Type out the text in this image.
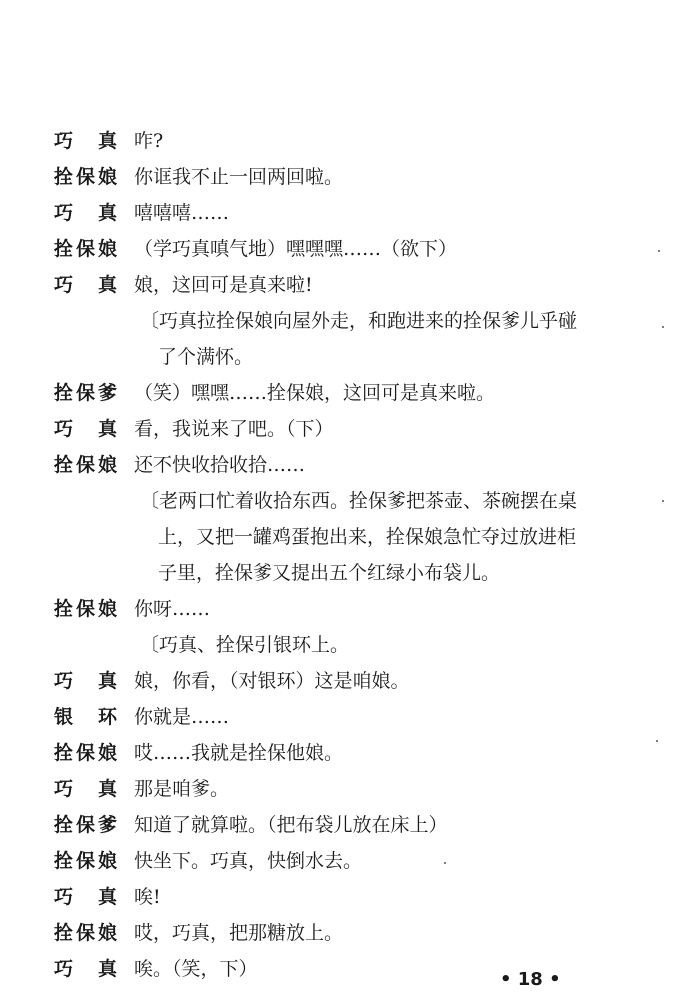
巧　真 咋?
拴保娘 你诓我不止一回两回啦。
巧　真 嘻嘻嘻……
拴保娘 （学巧真嗔气地）嘿嘿嘿……（欲下）
巧　真 娘，这回可是真来啦!
〔巧真拉拴保娘向屋外走，和跑进来的拴保爹儿乎碰
了个满怀。
拴保爹 （笑）嘿嘿……拴保娘，这回可是真来啦。
巧　真 看，我说来了吧。（下）
拴保娘 还不快收拾收拾……
〔老两口忙着收拾东西。拴保爹把茶壶、茶碗摆在桌
上，又把一罐鸡蛋抱出来，拴保娘急忙夺过放进柜
子里，拴保爹又提出五个红绿小布袋儿。
拴保娘 你呀……
〔巧真、拴保引银环上。
巧　真 娘，你看，（对银环）这是咱娘。
银　环 你就是……
拴保娘 哎……我就是拴保他娘。
巧　真 那是咱爹。
拴保爹 知道了就算啦。（把布袋儿放在床上）
拴保娘 快坐下。巧真，快倒水去。
巧　真 唉!
拴保娘 哎，巧真，把那糖放上。
巧　真 唉。（笑，下）	• 18 •
